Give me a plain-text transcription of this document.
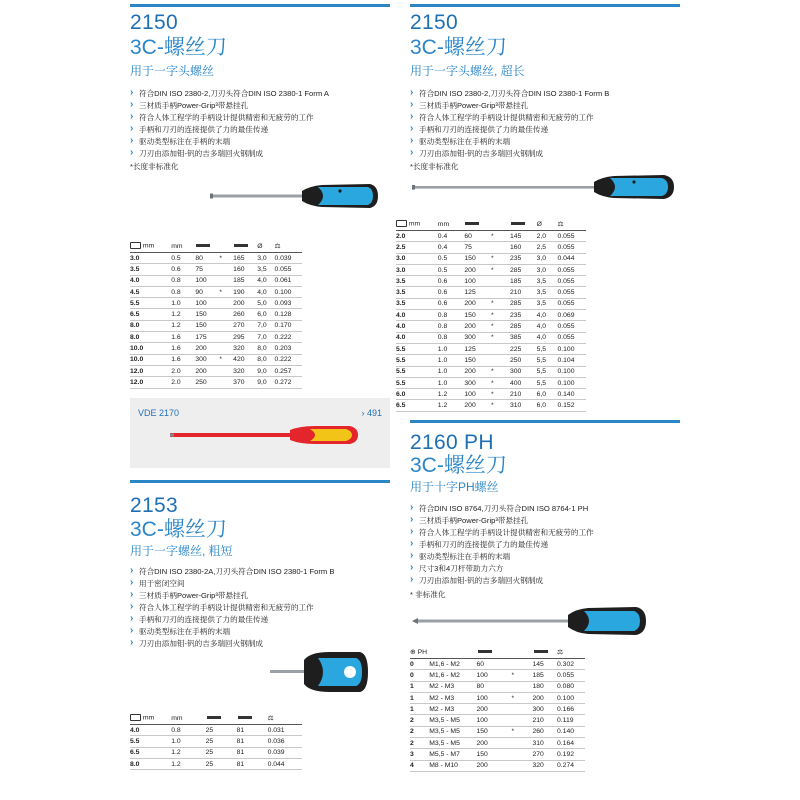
2150
3C-螺丝刀
用于一字头螺丝
› 符合DIN ISO 2380-2,刀刃头符合DIN ISO 2380-1 Form A
› 三材质手柄Power-Grip³带悬挂孔
› 符合人体工程学的手柄设计提供精密和无疲劳的工作
› 手柄和刀刃的连接提供了力的最佳传递
› 驱动类型标注在手柄的末端
› 刀刃由添加钼-钒的吉多瑞回火钢制成
*长度非标准化
mm	mm				Ø	⚖
3.0	0.5	80	*	165	3,0	0.039
3.5	0.6	75		160	3,5	0.055
4.0	0.8	100		185	4,0	0.061
4.5	0.8	90	*	190	4,0	0.100
5.5	1.0	100		200	5,0	0.093
6.5	1.2	150		260	6,0	0.128
8.0	1.2	150		270	7,0	0.170
8.0	1.6	175		295	7,0	0.222
10.0	1.6	200		320	8,0	0.203
10.0	1.6	300	*	420	8,0	0.222
12.0	2.0	200		320	9,0	0.257
12.0	2.0	250		370	9,0	0.272
2150
3C-螺丝刀
用于一字头螺丝, 超长
› 符合DIN ISO 2380-2,刀刃头符合DIN ISO 2380-1 Form B
› 三材质手柄Power-Grip³带悬挂孔
› 符合人体工程学的手柄设计提供精密和无疲劳的工作
› 手柄和刀刃的连接提供了力的最佳传递
› 驱动类型标注在手柄的末端
› 刀刃由添加钼-钒的吉多瑞回火钢制成
*长度非标准化
mm	mm				Ø	⚖
2.0	0.4	60	*	145	2,0	0.055
2.5	0.4	75		160	2,5	0.055
3.0	0.5	150	*	235	3,0	0.044
3.0	0.5	200	*	285	3,0	0.055
3.5	0.6	100		185	3,5	0.055
3.5	0.6	125		210	3,5	0.055
3.5	0.6	200	*	285	3,5	0.055
4.0	0.8	150	*	235	4,0	0.069
4.0	0.8	200	*	285	4,0	0.055
4.0	0.8	300	*	385	4,0	0.055
5.5	1.0	125		225	5,5	0.100
5.5	1.0	150		250	5,5	0.104
5.5	1.0	200	*	300	5,5	0.100
5.5	1.0	300	*	400	5,5	0.100
6.0	1.2	100	*	210	6,0	0.140
6.5	1.2	200	*	310	6,0	0.152
VDE 2170	› 491
2153
3C-螺丝刀
用于一字螺丝, 粗短
› 符合DIN ISO 2380-2A,刀刃头符合DIN ISO 2380-1 Form B
› 用于密闭空间
› 三材质手柄Power-Grip³带悬挂孔
› 符合人体工程学的手柄设计提供精密和无疲劳的工作
› 手柄和刀刃的连接提供了力的最佳传递
› 驱动类型标注在手柄的末端
› 刀刃由添加钼-钒的吉多瑞回火钢制成
mm	mm			⚖
4.0	0.8	25	81	0.031
5.5	1.0	25	81	0.036
6.5	1.2	25	81	0.039
8.0	1.2	25	81	0.044
2160 PH
3C-螺丝刀
用于十字PH螺丝
› 符合DIN ISO 8764,刀刃头符合DIN ISO 8764-1 PH
› 三材质手柄Power-Grip³带悬挂孔
› 符合人体工程学的手柄设计提供精密和无疲劳的工作
› 手柄和刀刃的连接提供了力的最佳传递
› 驱动类型标注在手柄的末端
› 尺寸3和4刀杆带助力六方
› 刀刃由添加钼-钒的吉多瑞回火钢制成
* 非标准化
⊕ PH					⚖
0	M1,6 - M2	60		145	0.302
0	M1,6 - M2	100	*	185	0.055
1	M2 - M3	80		180	0.080
1	M2 - M3	100	*	200	0.100
1	M2 - M3	200		300	0.166
2	M3,5 - M5	100		210	0.119
2	M3,5 - M5	150	*	260	0.140
2	M3,5 - M5	200		310	0.164
3	M5,5 - M7	150		270	0.192
4	M8 - M10	200		320	0.274
